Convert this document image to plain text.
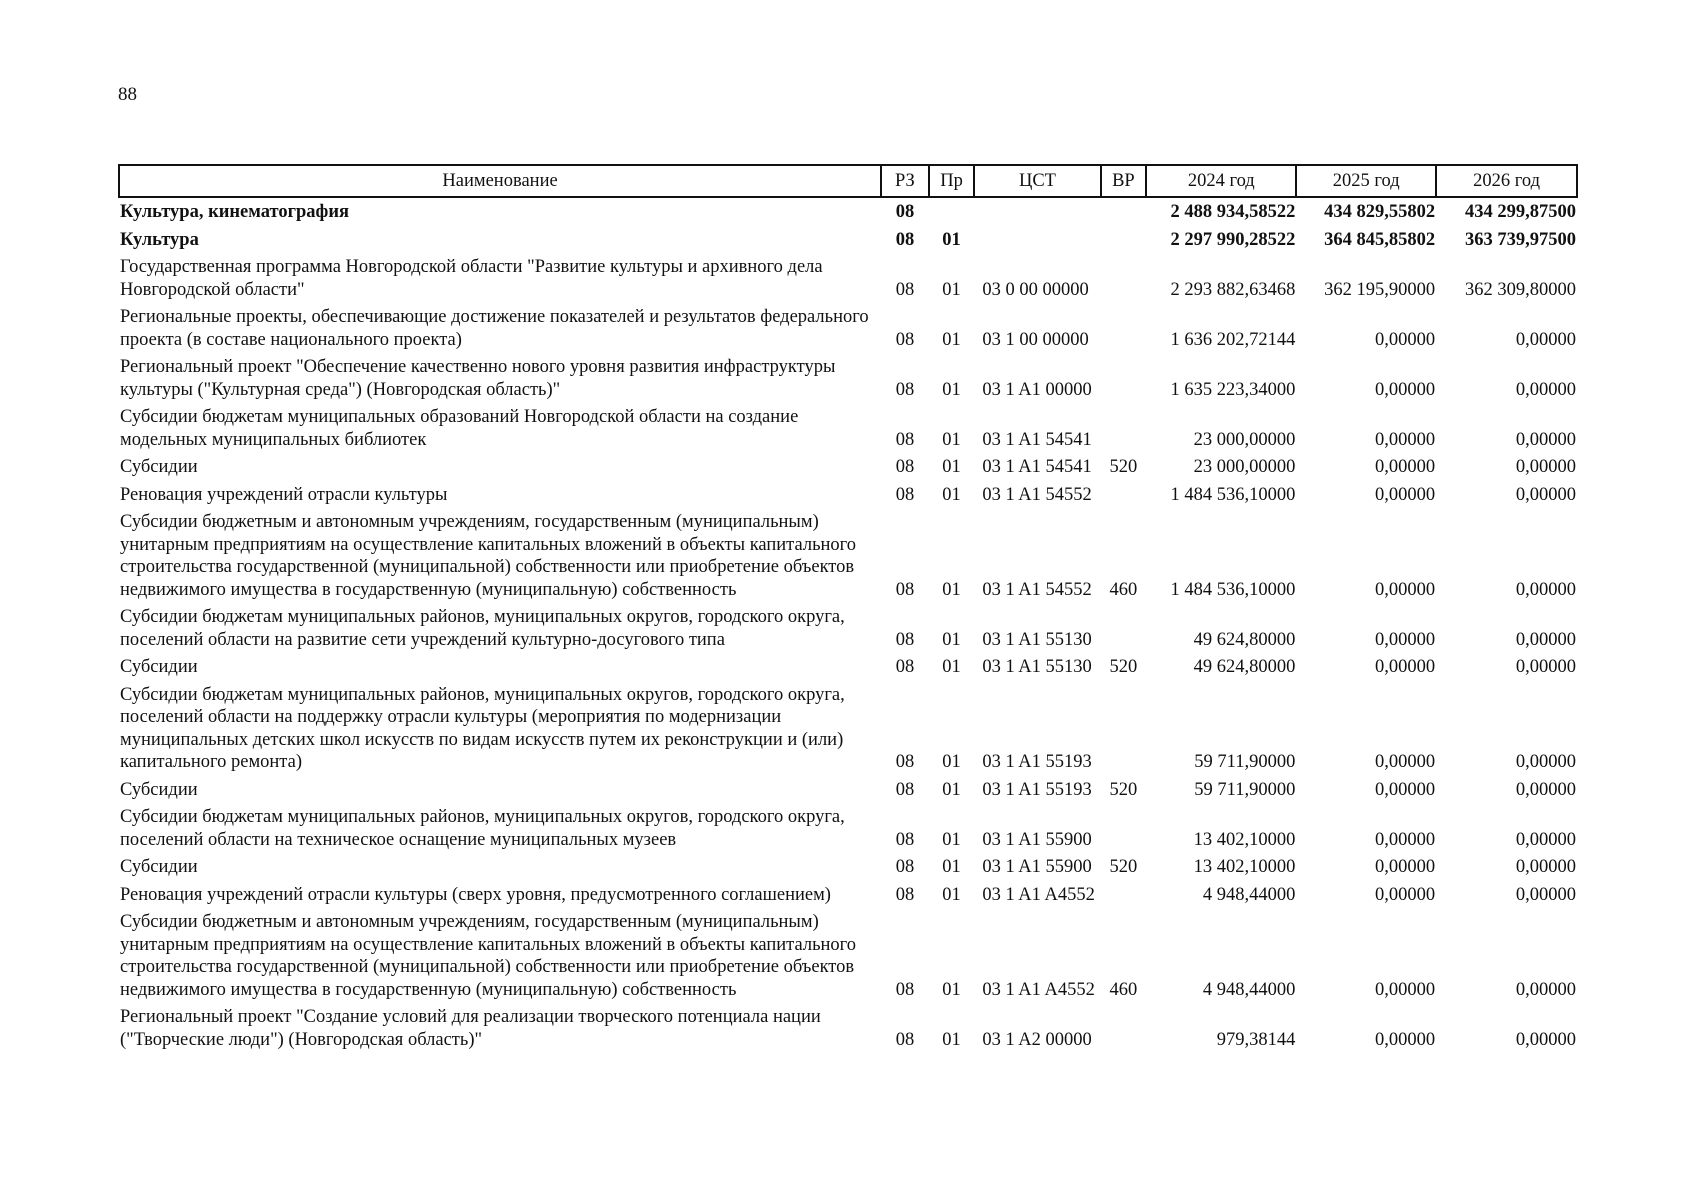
88
Наименование	РЗ	Пр	ЦСТ	ВР	2024 год	2025 год	2026 год
Культура, кинематография	08				2 488 934,58522	434 829,55802	434 299,87500
Культура	08	01			2 297 990,28522	364 845,85802	363 739,97500
Государственная программа Новгородской области "Развитие культуры и архивного дела Новгородской области"	08	01	03 0 00 00000		2 293 882,63468	362 195,90000	362 309,80000
Региональные проекты, обеспечивающие достижение показателей и результатов федерального проекта (в составе национального проекта)	08	01	03 1 00 00000		1 636 202,72144	0,00000	0,00000
Региональный проект "Обеспечение качественно нового уровня развития инфраструктуры культуры ("Культурная среда") (Новгородская область)"	08	01	03 1 A1 00000		1 635 223,34000	0,00000	0,00000
Субсидии бюджетам муниципальных образований Новгородской области на создание модельных муниципальных библиотек	08	01	03 1 A1 54541		23 000,00000	0,00000	0,00000
Субсидии	08	01	03 1 A1 54541	520	23 000,00000	0,00000	0,00000
Реновация учреждений отрасли культуры	08	01	03 1 A1 54552		1 484 536,10000	0,00000	0,00000
Субсидии бюджетным и автономным учреждениям, государственным (муниципальным) унитарным предприятиям на осуществление капитальных вложений в объекты капитального строительства государственной (муниципальной) собственности или приобретение объектов недвижимого имущества в государственную (муниципальную) собственность	08	01	03 1 A1 54552	460	1 484 536,10000	0,00000	0,00000
Субсидии бюджетам муниципальных районов, муниципальных округов, городского округа, поселений области на развитие сети учреждений культурно-досугового типа	08	01	03 1 A1 55130		49 624,80000	0,00000	0,00000
Субсидии	08	01	03 1 A1 55130	520	49 624,80000	0,00000	0,00000
Субсидии бюджетам муниципальных районов, муниципальных округов, городского округа, поселений области на поддержку отрасли культуры (мероприятия по модернизации муниципальных детских школ искусств по видам искусств путем их реконструкции и (или) капитального ремонта)	08	01	03 1 A1 55193		59 711,90000	0,00000	0,00000
Субсидии	08	01	03 1 A1 55193	520	59 711,90000	0,00000	0,00000
Субсидии бюджетам муниципальных районов, муниципальных округов, городского округа, поселений области на техническое оснащение муниципальных музеев	08	01	03 1 A1 55900		13 402,10000	0,00000	0,00000
Субсидии	08	01	03 1 A1 55900	520	13 402,10000	0,00000	0,00000
Реновация учреждений отрасли культуры (сверх уровня, предусмотренного соглашением)	08	01	03 1 A1 A4552		4 948,44000	0,00000	0,00000
Субсидии бюджетным и автономным учреждениям, государственным (муниципальным) унитарным предприятиям на осуществление капитальных вложений в объекты капитального строительства государственной (муниципальной) собственности или приобретение объектов недвижимого имущества в государственную (муниципальную) собственность	08	01	03 1 A1 A4552	460	4 948,44000	0,00000	0,00000
Региональный проект "Создание условий для реализации творческого потенциала нации ("Творческие люди") (Новгородская область)"	08	01	03 1 A2 00000		979,38144	0,00000	0,00000
